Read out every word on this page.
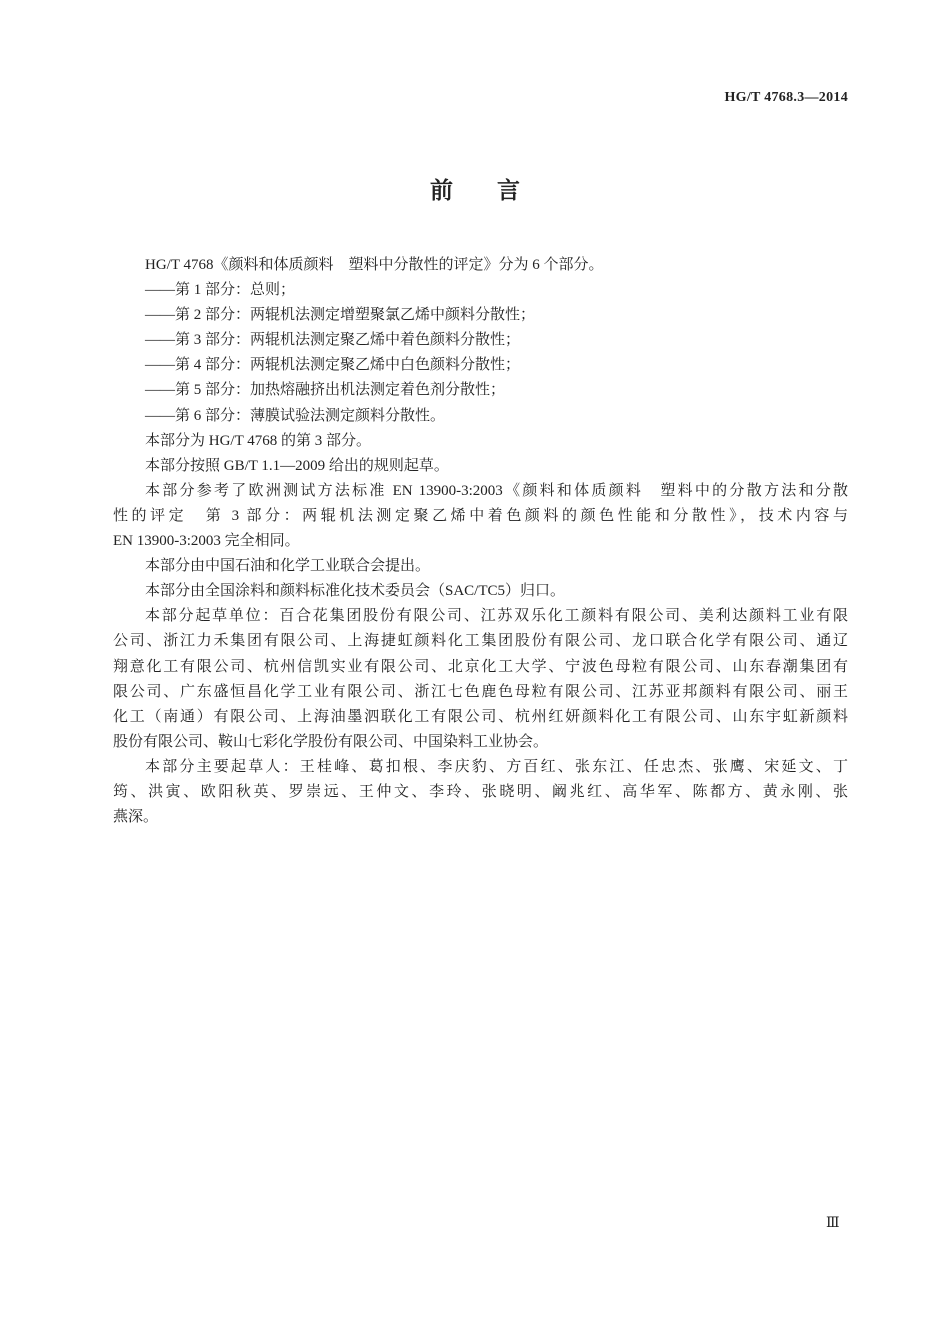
HG/T 4768.3—2014
前言
HG/T 4768《颜料和体质颜料　塑料中分散性的评定》分为 6 个部分。
——第 1 部分：总则；
——第 2 部分：两辊机法测定增塑聚氯乙烯中颜料分散性；
——第 3 部分：两辊机法测定聚乙烯中着色颜料分散性；
——第 4 部分：两辊机法测定聚乙烯中白色颜料分散性；
——第 5 部分：加热熔融挤出机法测定着色剂分散性；
——第 6 部分：薄膜试验法测定颜料分散性。
本部分为 HG/T 4768 的第 3 部分。
本部分按照 GB/T 1.1—2009 给出的规则起草。
本部分参考了欧洲测试方法标准 EN 13900-3:2003《颜料和体质颜料　塑料中的分散方法和分散
性的评定　第 3 部分：两辊机法测定聚乙烯中着色颜料的颜色性能和分散性》，技术内容与
EN 13900-3:2003 完全相同。
本部分由中国石油和化学工业联合会提出。
本部分由全国涂料和颜料标准化技术委员会（SAC/TC5）归口。
本部分起草单位：百合花集团股份有限公司、江苏双乐化工颜料有限公司、美利达颜料工业有限
公司、浙江力禾集团有限公司、上海捷虹颜料化工集团股份有限公司、龙口联合化学有限公司、通辽
翔意化工有限公司、杭州信凯实业有限公司、北京化工大学、宁波色母粒有限公司、山东春潮集团有
限公司、广东盛恒昌化学工业有限公司、浙江七色鹿色母粒有限公司、江苏亚邦颜料有限公司、丽王
化工（南通）有限公司、上海油墨泗联化工有限公司、杭州红妍颜料化工有限公司、山东宇虹新颜料
股份有限公司、鞍山七彩化学股份有限公司、中国染料工业协会。
本部分主要起草人：王桂峰、葛扣根、李庆豹、方百红、张东江、任忠杰、张鹰、宋延文、丁
筠、洪寅、欧阳秋英、罗崇远、王仲文、李玲、张晓明、阚兆红、高华军、陈都方、黄永刚、张
燕深。
Ⅲ
